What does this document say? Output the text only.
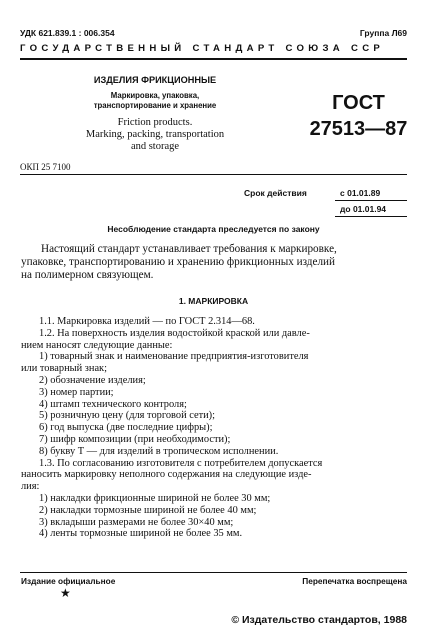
УДК 621.839.1 : 006.354	Группа Л69
ГОСУДАРСТВЕННЫЙ СТАНДАРТ СОЮЗА ССР
ИЗДЕЛИЯ ФРИКЦИОННЫЕ
Маркировка, упаковка,
транспортирование и хранение
Friction products.
Marking, packing, transportation
and storage
ГОСТ
27513—87
ОКП 25 7100
Срок действия	с 01.01.89
до 01.01.94
Несоблюдение стандарта преследуется по закону

Настоящий стандарт устанавливает требования к маркировке,

упаковке, транспортированию и хранению фрикционных изделий

на полимерном связующем.

1. МАРКИРОВКА

1.1. Маркировка изделий — по ГОСТ 2.314—68.

1.2. На поверхность изделия водостойкой краской или давле-

нием наносят следующие данные:

1) товарный знак и наименование предприятия-изготовителя
или товарный знак;
2) обозначение изделия;
3) номер партии;
4) штамп технического контроля;
5) розничную цену (для торговой сети);
6) год выпуска (две последние цифры);
7) шифр композиции (при необходимости);
8) букву Т — для изделий в тропическом исполнении.

1.3. По согласованию изготовителя с потребителем допускается

наносить маркировку неполного содержания на следующие изде-

лия:

1) накладки фрикционные шириной не более 30 мм;
2) накладки тормозные шириной не более 40 мм;
3) вкладыши размерами не более 30×40 мм;
4) ленты тормозные шириной не более 35 мм.
Издание официальное	Перепечатка воспрещена
★
© Издательство стандартов, 1988
